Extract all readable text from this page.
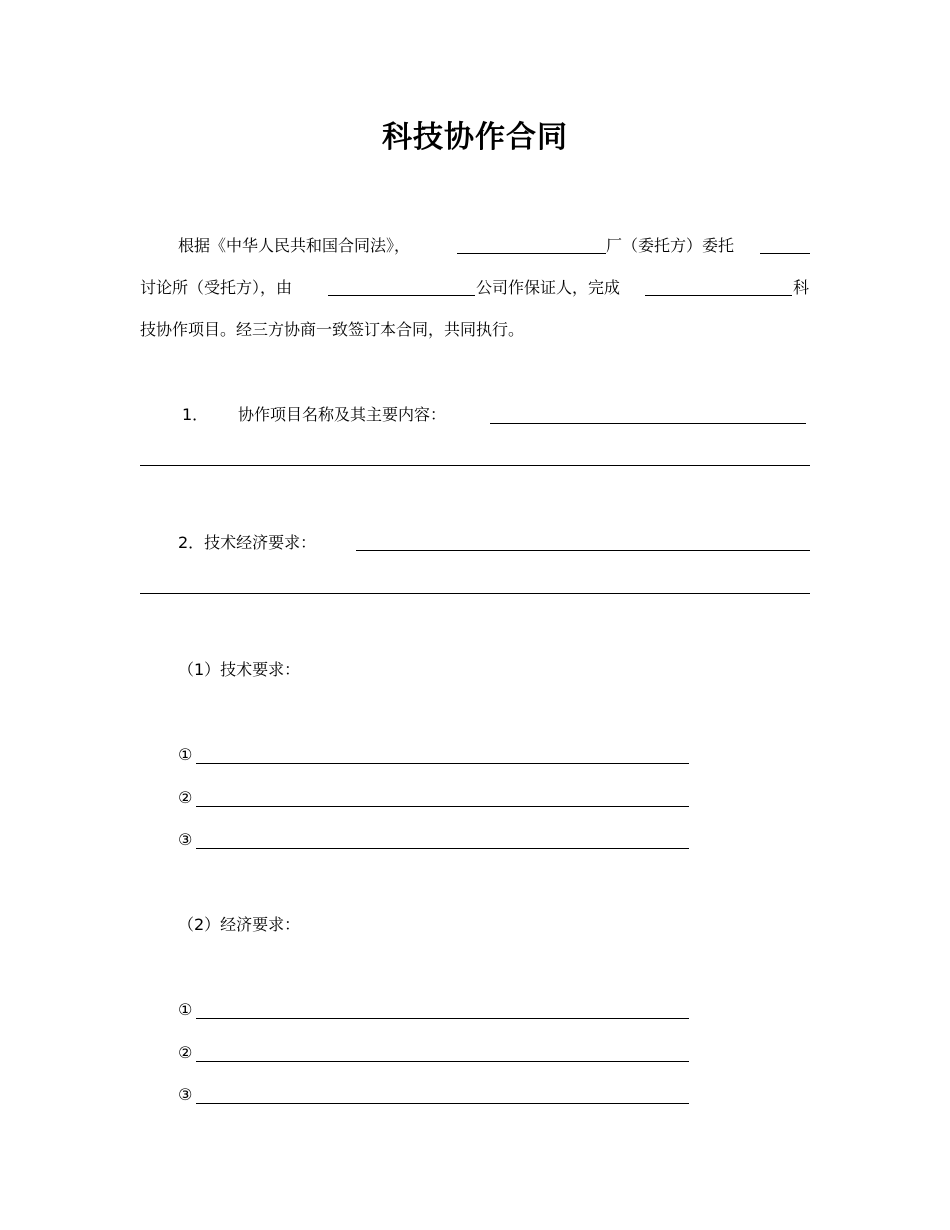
科技协作合同
根据《中华人民共和国合同法》，	厂（委托方）委托
讨论所（受托方），由	公司作保证人，完成	科
技协作项目。经三方协商一致签订本合同，共同执行。
1． 协作项目名称及其主要内容：
2．技术经济要求：
（1）技术要求：
①
②
③
（2）经济要求：
①
②
③
